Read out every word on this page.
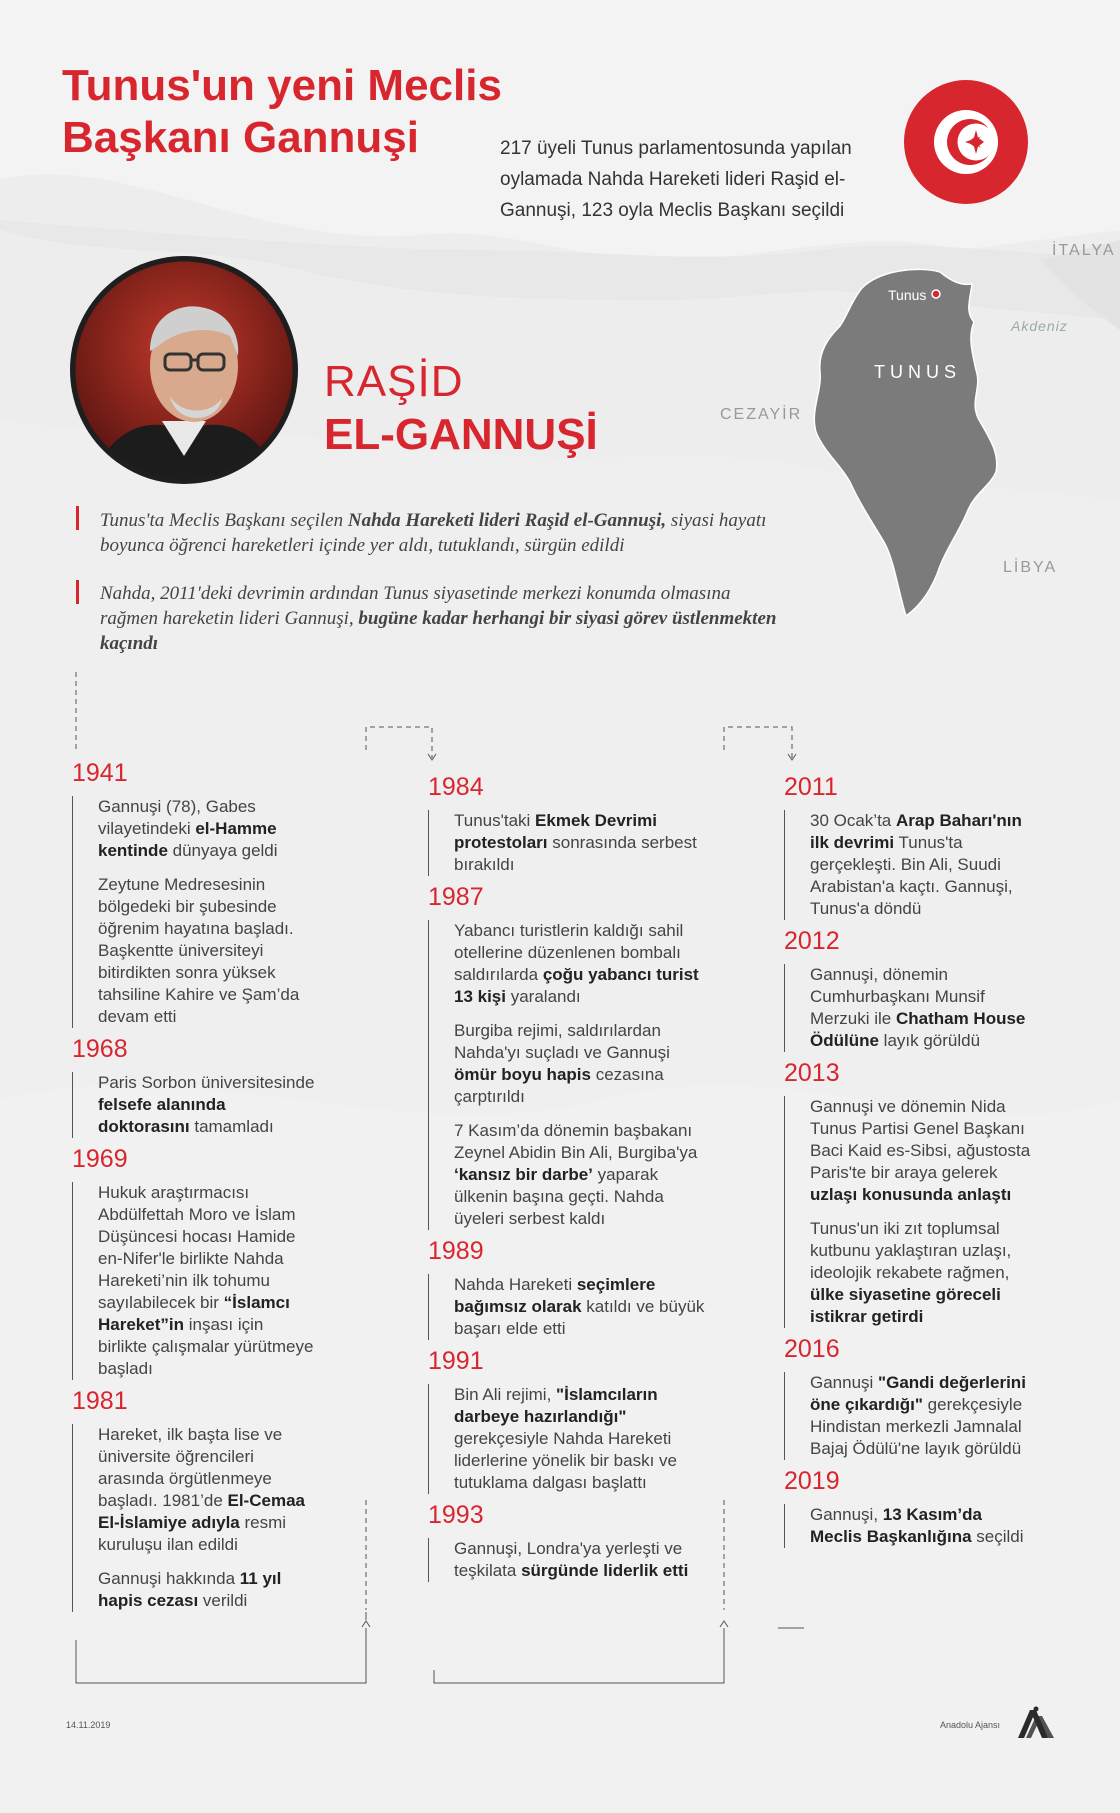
Tunus'un yeni Meclis
Başkanı Gannuşi	217 üyeli Tunus parlamentosunda yapılan oylamada Nahda Hareketi lideri Raşid el-Gannuşi, 123 oyla Meclis Başkanı seçildi
RAŞİD
EL-GANNUŞİ
İTALYA
Akdeniz
Tunus
TUNUS
CEZAYİR
LİBYA
Tunus'ta Meclis Başkanı seçilen Nahda Hareketi lideri Raşid el-Gannuşi, siyasi hayatı boyunca öğrenci hareketleri içinde yer aldı, tutuklandı, sürgün edildi
Nahda, 2011'deki devrimin ardından Tunus siyasetinde merkezi konumda olmasına rağmen hareketin lideri Gannuşi, bugüne kadar herhangi bir siyasi görev üstlenmekten kaçındı
1941

Gannuşi (78), Gabes vilayetindeki el-Hamme kentinde dünyaya geldi

Zeytune Medresesinin bölgedeki bir şubesinde öğrenim hayatına başladı. Başkentte üniversiteyi bitirdikten sonra yüksek tahsiline Kahire ve Şam’da devam etti

1968

Paris Sorbon üniversitesinde felsefe alanında doktorasını tamamladı

1969

Hukuk araştırmacısı Abdülfettah Moro ve İslam Düşüncesi hocası Hamide en-Nifer'le birlikte Nahda Hareketi’nin ilk tohumu sayılabilecek bir “İslamcı Hareket”in inşası için birlikte çalışmalar yürütmeye başladı

1981

Hareket, ilk başta lise ve üniversite öğrencileri arasında örgütlenmeye başladı. 1981’de El-Cemaa El-İslamiye adıyla resmi kuruluşu ilan edildi

Gannuşi hakkında 11 yıl hapis cezası verildi

1984

Tunus'taki Ekmek Devrimi protestoları sonrasında serbest bırakıldı

1987

Yabancı turistlerin kaldığı sahil otellerine düzenlenen bombalı saldırılarda çoğu yabancı turist 13 kişi yaralandı

Burgiba rejimi, saldırılardan Nahda'yı suçladı ve Gannuşi ömür boyu hapis cezasına çarptırıldı

7 Kasım’da dönemin başbakanı Zeynel Abidin Bin Ali, Burgiba'ya ‘kansız bir darbe’ yaparak ülkenin başına geçti. Nahda üyeleri serbest kaldı

1989

Nahda Hareketi seçimlere bağımsız olarak katıldı ve büyük başarı elde etti

1991

Bin Ali rejimi, "İslamcıların darbeye hazırlandığı" gerekçesiyle Nahda Hareketi liderlerine yönelik bir baskı ve tutuklama dalgası başlattı

1993

Gannuşi, Londra'ya yerleşti ve teşkilata sürgünde liderlik etti

2011

30 Ocak’ta Arap Baharı'nın ilk devrimi Tunus'ta gerçekleşti. Bin Ali, Suudi Arabistan'a kaçtı. Gannuşi, Tunus'a döndü

2012

Gannuşi, dönemin Cumhurbaşkanı Munsif Merzuki ile Chatham House Ödülüne layık görüldü

2013

Gannuşi ve dönemin Nida Tunus Partisi Genel Başkanı Baci Kaid es-Sibsi, ağustosta Paris'te bir araya gelerek uzlaşı konusunda anlaştı

Tunus'un iki zıt toplumsal kutbunu yaklaştıran uzlaşı, ideolojik rekabete rağmen, ülke siyasetine göreceli istikrar getirdi

2016

Gannuşi "Gandi değerlerini öne çıkardığı" gerekçesiyle Hindistan merkezli Jamnalal Bajaj Ödülü'ne layık görüldü

2019

Gannuşi, 13 Kasım’da Meclis Başkanlığına seçildi

14.11.2019	Anadolu Ajansı
